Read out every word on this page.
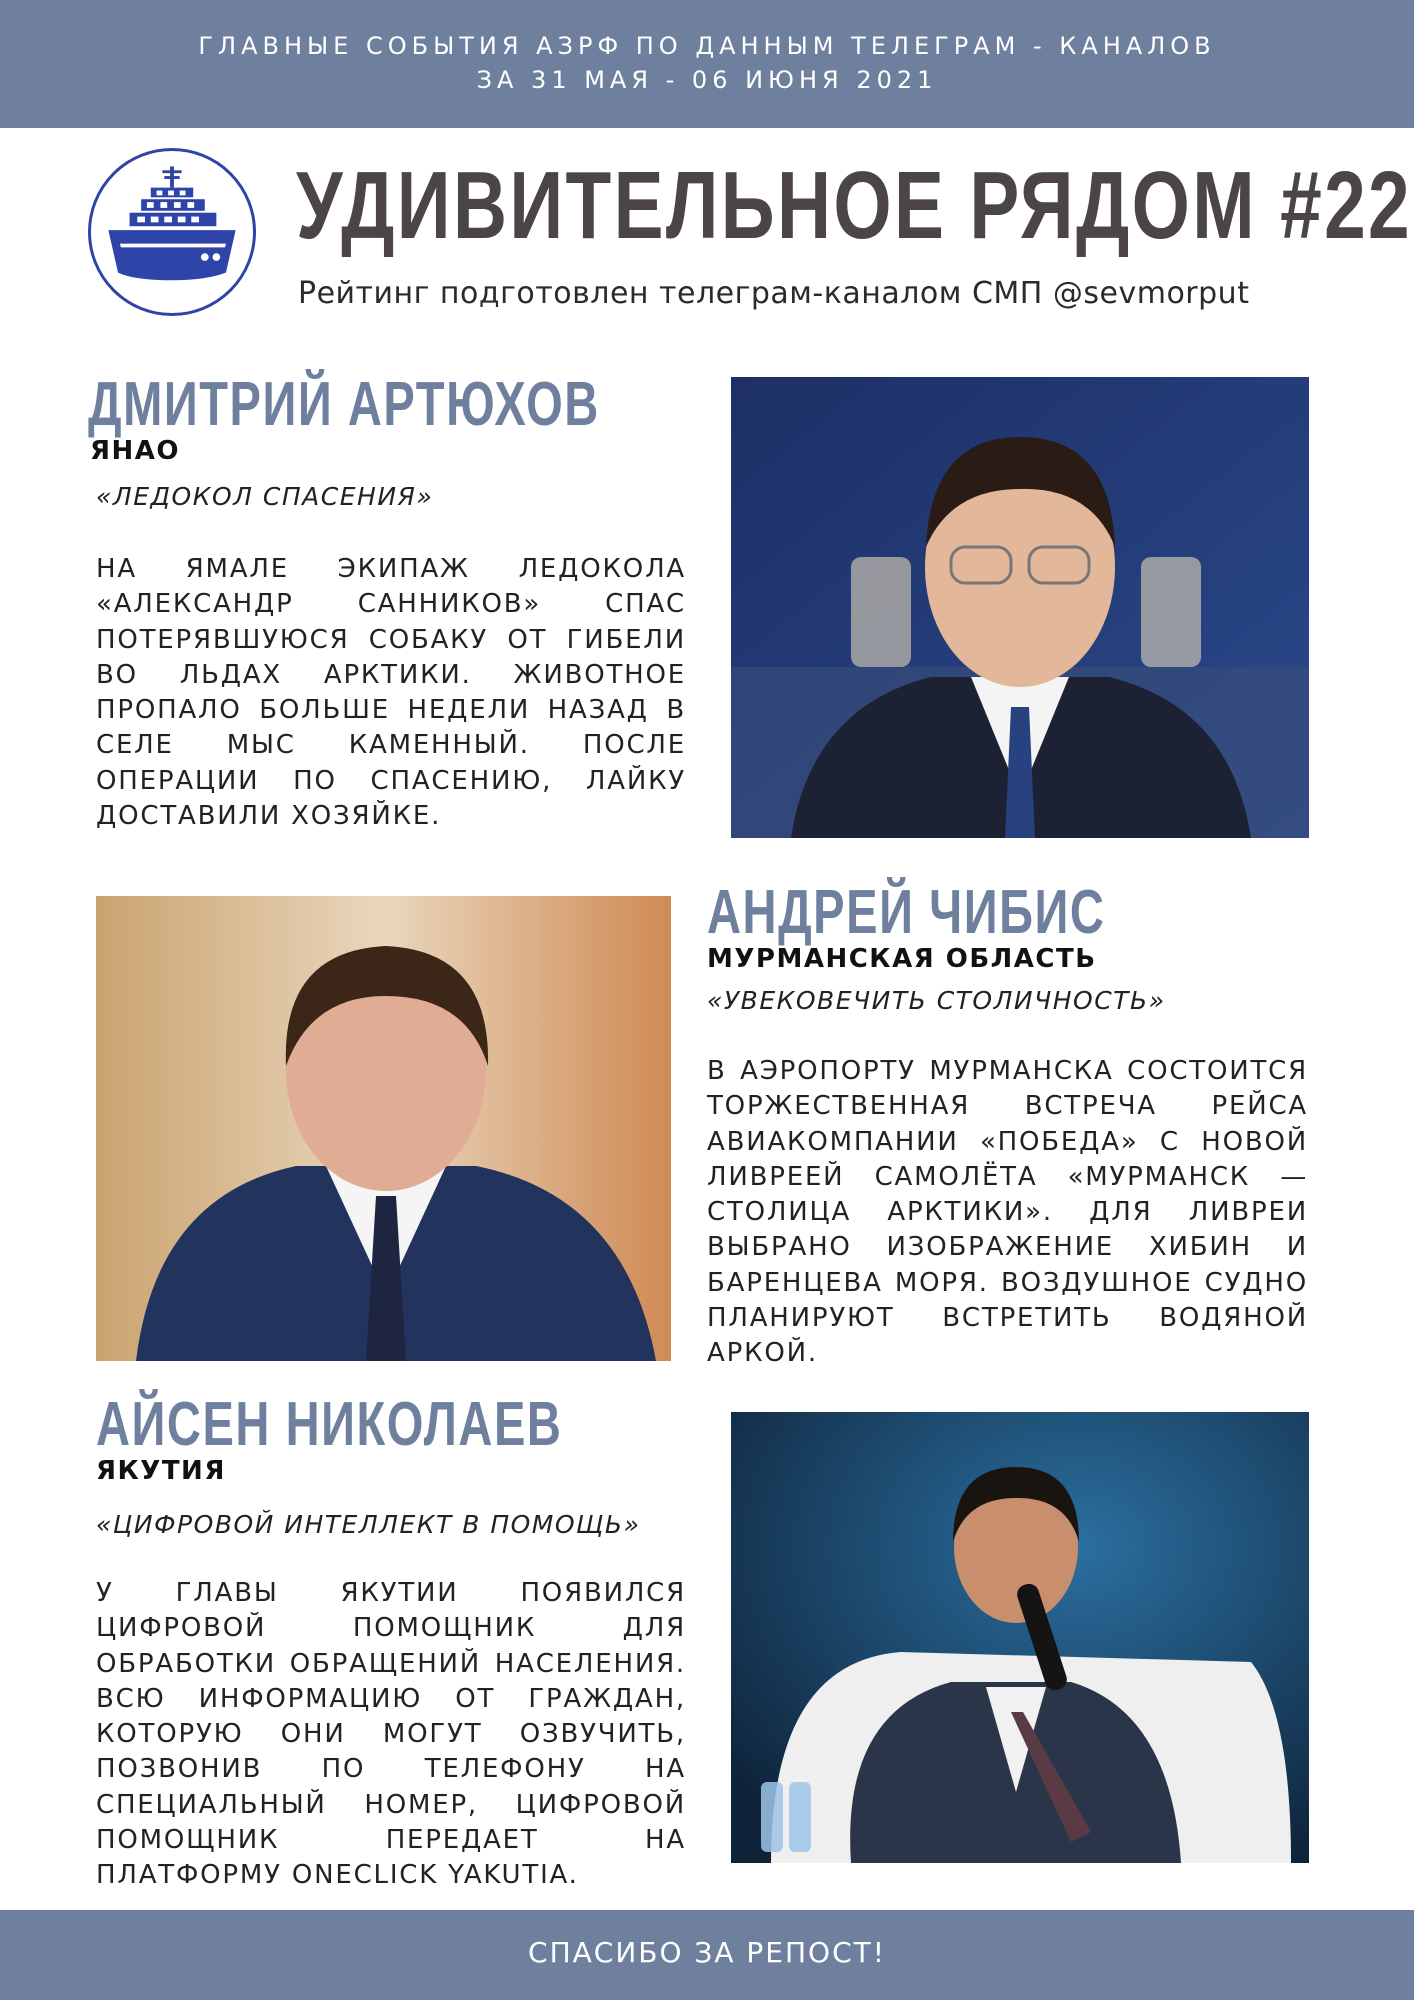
ГЛАВНЫЕ СОБЫТИЯ АЗРФ ПО ДАННЫМ ТЕЛЕГРАМ - КАНАЛОВ
ЗА 31 МАЯ - 06 ИЮНЯ 2021
УДИВИТЕЛЬНОЕ РЯДОМ #22
Рейтинг подготовлен телеграм-каналом СМП @sevmorput
ДМИТРИЙ АРТЮХОВ
ЯНАО
«ЛЕДОКОЛ СПАСЕНИЯ»
НА ЯМАЛЕ ЭКИПАЖ ЛЕДОКОЛА «АЛЕКСАНДР САННИКОВ» СПАС ПОТЕРЯВШУЮСЯ СОБАКУ ОТ ГИБЕЛИ ВО ЛЬДАХ АРКТИКИ. ЖИВОТНОЕ ПРОПАЛО БОЛЬШЕ НЕДЕЛИ НАЗАД В СЕЛЕ МЫС КАМЕННЫЙ. ПОСЛЕ ОПЕРАЦИИ ПО СПАСЕНИЮ, ЛАЙКУ ДОСТАВИЛИ ХОЗЯЙКЕ.
АНДРЕЙ ЧИБИС
МУРМАНСКАЯ ОБЛАСТЬ
«УВЕКОВЕЧИТЬ СТОЛИЧНОСТЬ»
В АЭРОПОРТУ МУРМАНСКА СОСТОИТСЯ ТОРЖЕСТВЕННАЯ ВСТРЕЧА РЕЙСА АВИАКОМПАНИИ «ПОБЕДА» С НОВОЙ ЛИВРЕЕЙ САМОЛЁТА «МУРМАНСК — СТОЛИЦА АРКТИКИ». ДЛЯ ЛИВРЕИ ВЫБРАНО ИЗОБРАЖЕНИЕ ХИБИН И БАРЕНЦЕВА МОРЯ. ВОЗДУШНОЕ СУДНО ПЛАНИРУЮТ ВСТРЕТИТЬ ВОДЯНОЙ АРКОЙ.
АЙСЕН НИКОЛАЕВ
ЯКУТИЯ
«ЦИФРОВОЙ ИНТЕЛЛЕКТ В ПОМОЩЬ»
У ГЛАВЫ ЯКУТИИ ПОЯВИЛСЯ ЦИФРОВОЙ ПОМОЩНИК ДЛЯ ОБРАБОТКИ ОБРАЩЕНИЙ НАСЕЛЕНИЯ. ВСЮ ИНФОРМАЦИЮ ОТ ГРАЖДАН, КОТОРУЮ ОНИ МОГУТ ОЗВУЧИТЬ, ПОЗВОНИВ ПО ТЕЛЕФОНУ НА СПЕЦИАЛЬНЫЙ НОМЕР, ЦИФРОВОЙ ПОМОЩНИК ПЕРЕДАЕТ НА ПЛАТФОРМУ ONECLICK YAKUTIA.
СПАСИБО ЗА РЕПОСТ!
